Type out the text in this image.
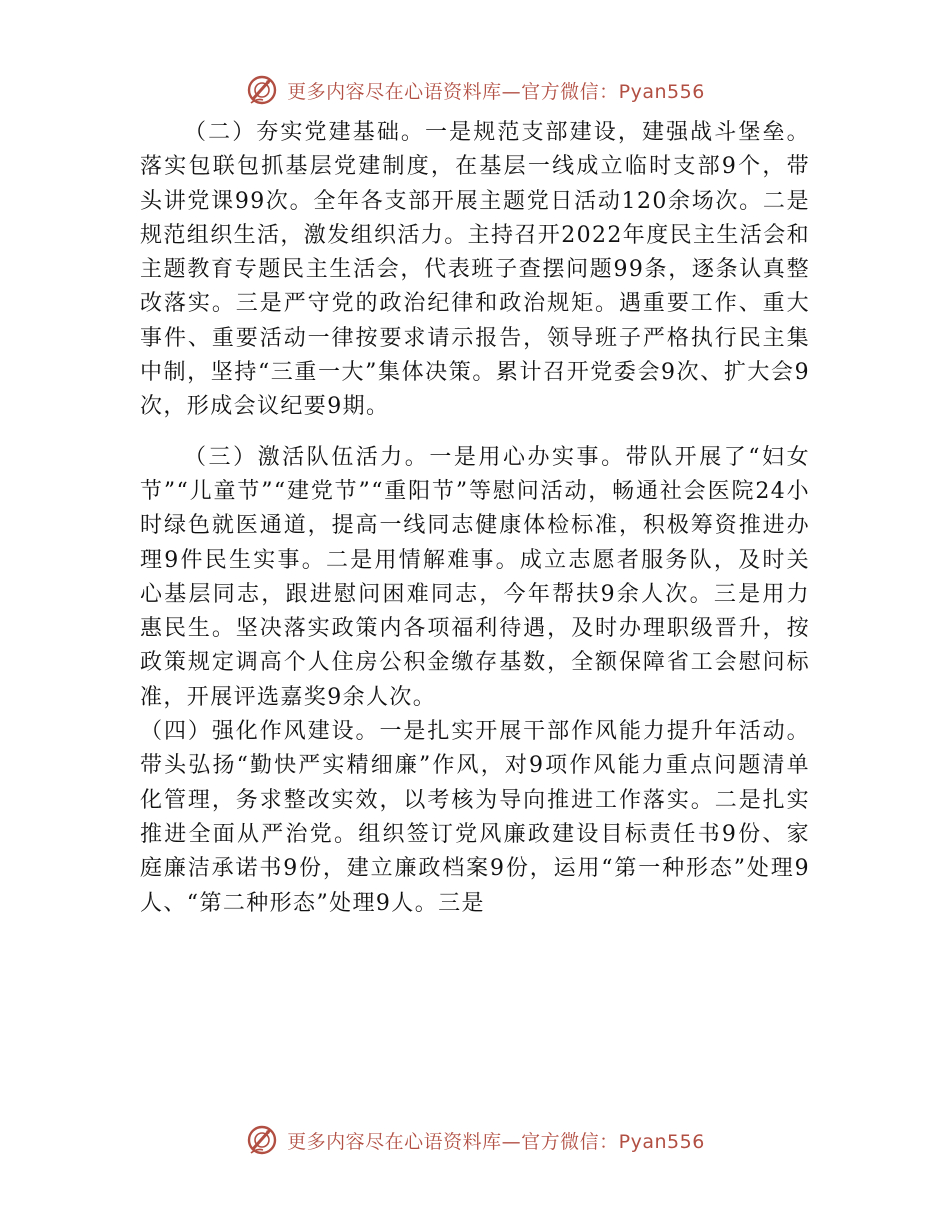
更多内容尽在心语资料库—官方微信：Pyan556

（二）夯实党建基础。一是规范支部建设，建强战斗堡垒。落实包联包抓基层党建制度，在基层一线成立临时支部9个，带头讲党课99次。全年各支部开展主题党日活动120余场次。二是规范组织生活，激发组织活力。主持召开2022年度民主生活会和主题教育专题民主生活会，代表班子查摆问题99条，逐条认真整改落实。三是严守党的政治纪律和政治规矩。遇重要工作、重大事件、重要活动一律按要求请示报告，领导班子严格执行民主集中制，坚持“三重一大”集体决策。累计召开党委会9次、扩大会9次，形成会议纪要9期。

（三）激活队伍活力。一是用心办实事。带队开展了“妇女节”“儿童节”“建党节”“重阳节”等慰问活动，畅通社会医院24小时绿色就医通道，提高一线同志健康体检标准，积极筹资推进办理9件民生实事。二是用情解难事。成立志愿者服务队，及时关心基层同志，跟进慰问困难同志，今年帮扶9余人次。三是用力惠民生。坚决落实政策内各项福利待遇，及时办理职级晋升，按政策规定调高个人住房公积金缴存基数，全额保障省工会慰问标准，开展评选嘉奖9余人次。

（四）强化作风建设。一是扎实开展干部作风能力提升年活动。带头弘扬“勤快严实精细廉”作风，对9项作风能力重点问题清单化管理，务求整改实效，以考核为导向推进工作落实。二是扎实推进全面从严治党。组织签订党风廉政建设目标责任书9份、家庭廉洁承诺书9份，建立廉政档案9份，运用“第一种形态”处理9人、“第二种形态”处理9人。三是

更多内容尽在心语资料库—官方微信：Pyan556
